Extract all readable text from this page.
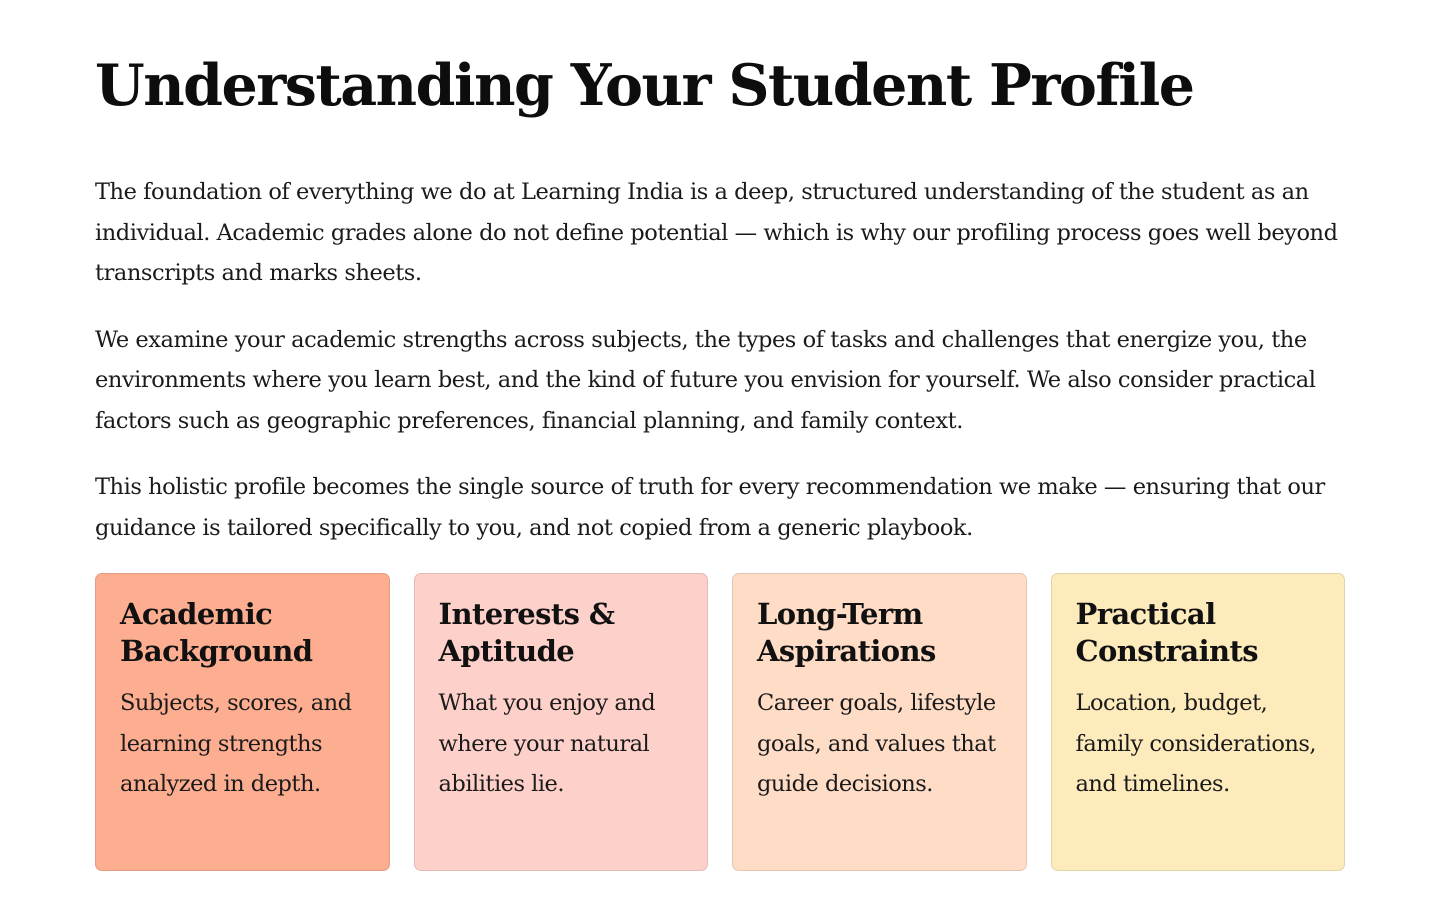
Understanding Your Student Profile

The foundation of everything we do at Learning India is a deep, structured understanding of the student as an individual. Academic grades alone do not define potential — which is why our profiling process goes well beyond transcripts and marks sheets.

We examine your academic strengths across subjects, the types of tasks and challenges that energize you, the environments where you learn best, and the kind of future you envision for yourself. We also consider practical factors such as geographic preferences, financial planning, and family context.

This holistic profile becomes the single source of truth for every recommendation we make — ensuring that our guidance is tailored specifically to you, and not copied from a generic playbook.

Academic Background

Subjects, scores, and learning strengths analyzed in depth.

Interests & Aptitude

What you enjoy and where your natural abilities lie.

Long-Term Aspirations

Career goals, lifestyle goals, and values that guide decisions.

Practical Constraints

Location, budget, family considerations, and timelines.
